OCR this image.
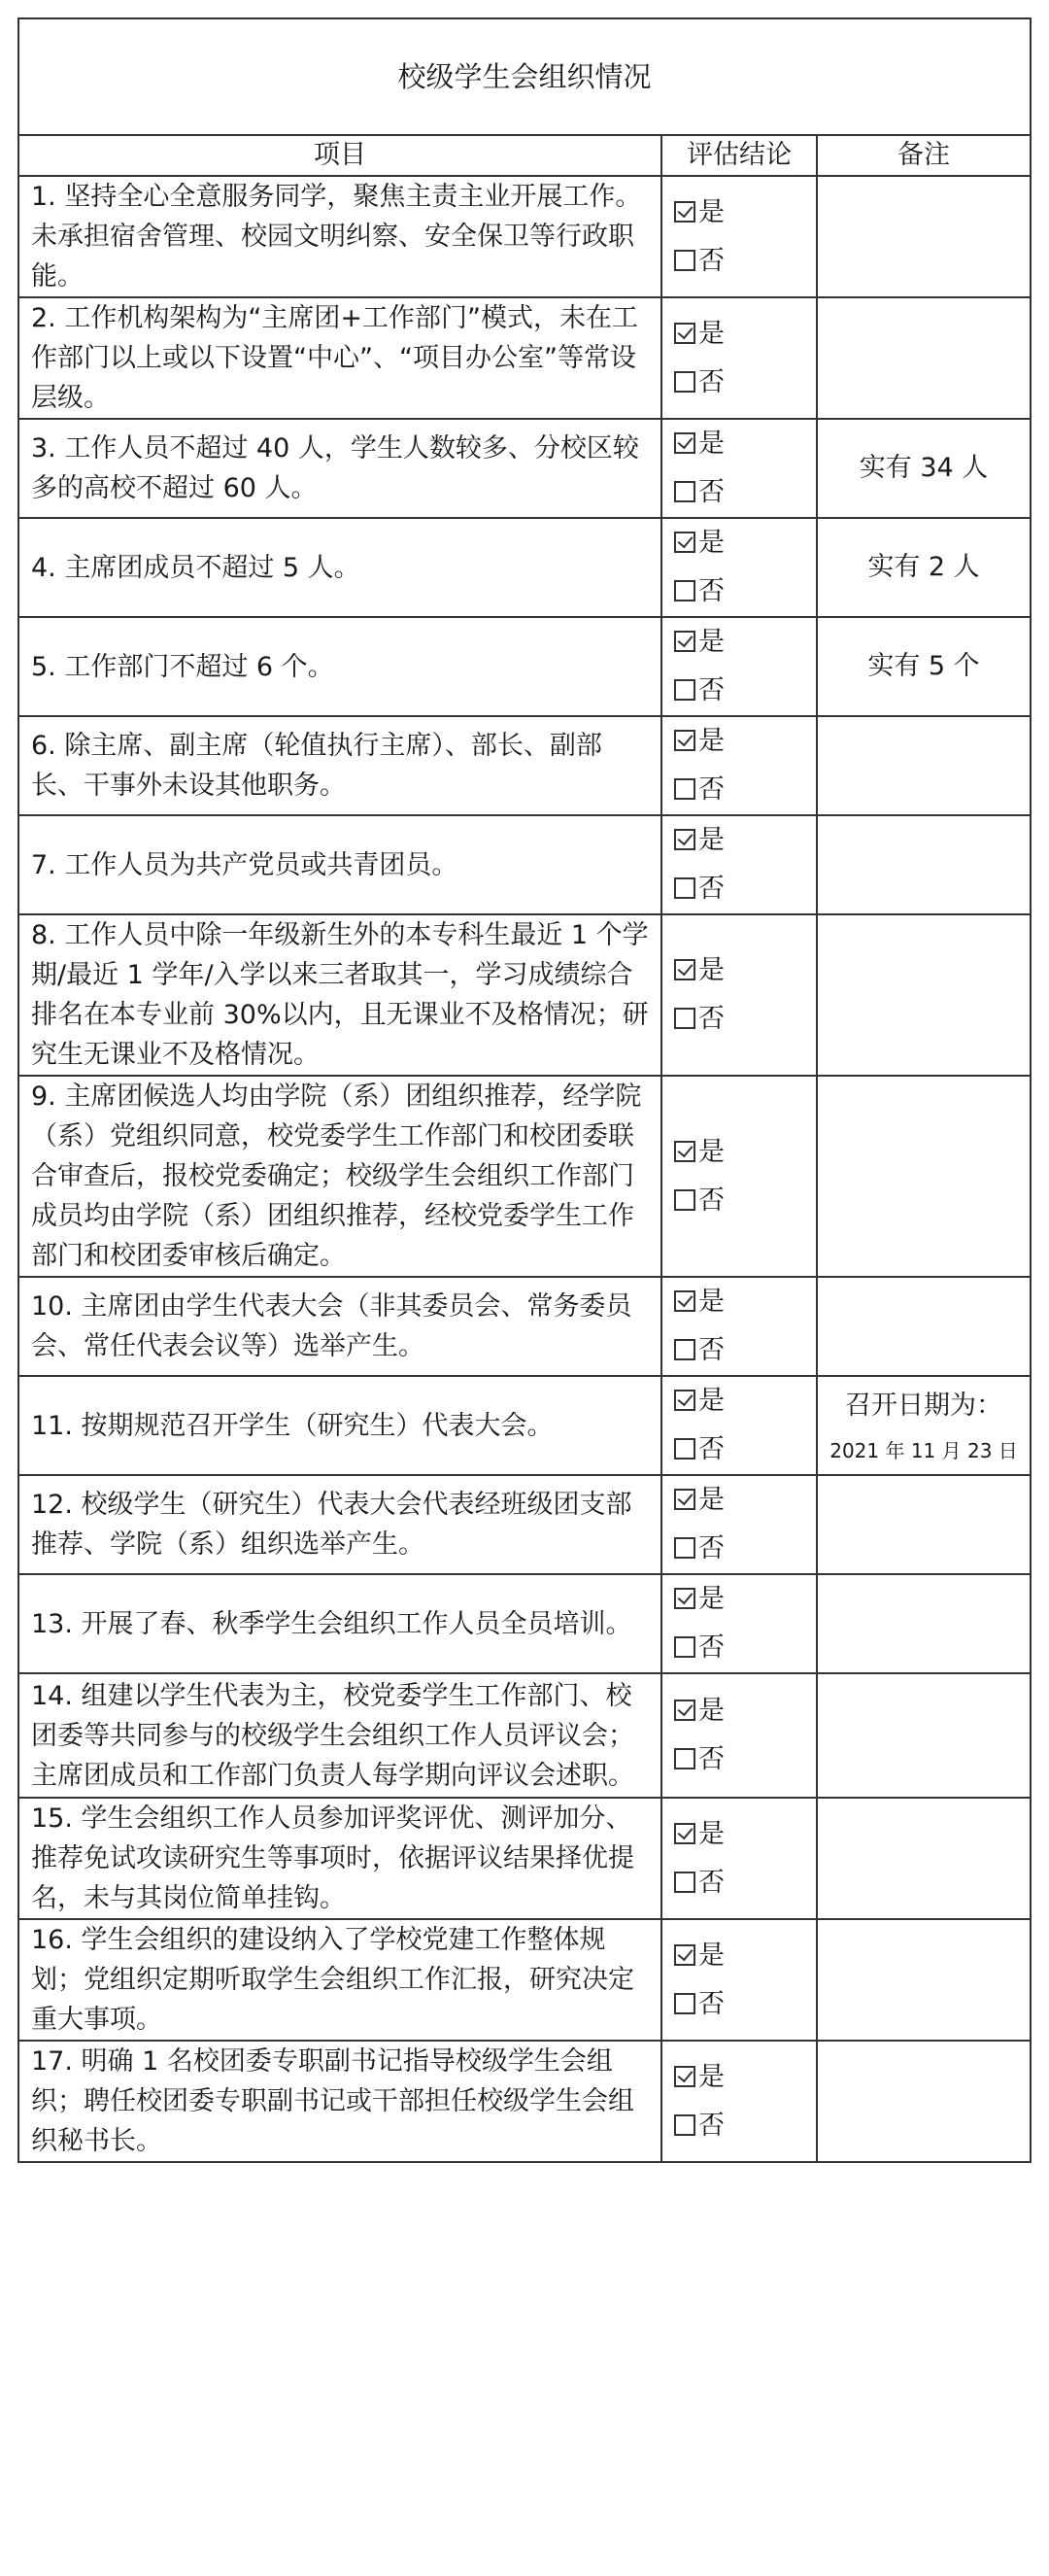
校级学生会组织情况		
项目	评估结论	备注
1. 坚持全心全意服务同学，聚焦主责主业开展工作。未承担宿舍管理、校园文明纠察、安全保卫等行政职能。	是
否	

2. 工作机构架构为“主席团+工作部门”模式，未在工作部门以上或以下设置“中心”、“项目办公室”等常设层级。	是
否	

3. 工作人员不超过 40 人，学生人数较多、分校区较多的高校不超过 60 人。	是
否	实有 34 人

4. 主席团成员不超过 5 人。	是
否	实有 2 人

5. 工作部门不超过 6 个。	是
否	实有 5 个

6. 除主席、副主席（轮值执行主席）、部长、副部长、干事外未设其他职务。	是
否	

7. 工作人员为共产党员或共青团员。	是
否	

8. 工作人员中除一年级新生外的本专科生最近 1 个学期/最近 1 学年/入学以来三者取其一，学习成绩综合排名在本专业前 30%以内，且无课业不及格情况；研究生无课业不及格情况。	是
否	

9. 主席团候选人均由学院（系）团组织推荐，经学院（系）党组织同意，校党委学生工作部门和校团委联合审查后，报校党委确定；校级学生会组织工作部门成员均由学院（系）团组织推荐，经校党委学生工作部门和校团委审核后确定。	是
否	

10. 主席团由学生代表大会（非其委员会、常务委员会、常任代表会议等）选举产生。	是
否	

11. 按期规范召开学生（研究生）代表大会。	是
否	召开日期为：
2021 年 11 月 23 日

12. 校级学生（研究生）代表大会代表经班级团支部推荐、学院（系）组织选举产生。	是
否	

13. 开展了春、秋季学生会组织工作人员全员培训。	是
否	

14. 组建以学生代表为主，校党委学生工作部门、校团委等共同参与的校级学生会组织工作人员评议会；主席团成员和工作部门负责人每学期向评议会述职。	是
否	

15. 学生会组织工作人员参加评奖评优、测评加分、推荐免试攻读研究生等事项时，依据评议结果择优提名，未与其岗位简单挂钩。	是
否	

16. 学生会组织的建设纳入了学校党建工作整体规划；党组织定期听取学生会组织工作汇报，研究决定重大事项。	是
否	

17. 明确 1 名校团委专职副书记指导校级学生会组织；聘任校团委专职副书记或干部担任校级学生会组织秘书长。	是
否	
